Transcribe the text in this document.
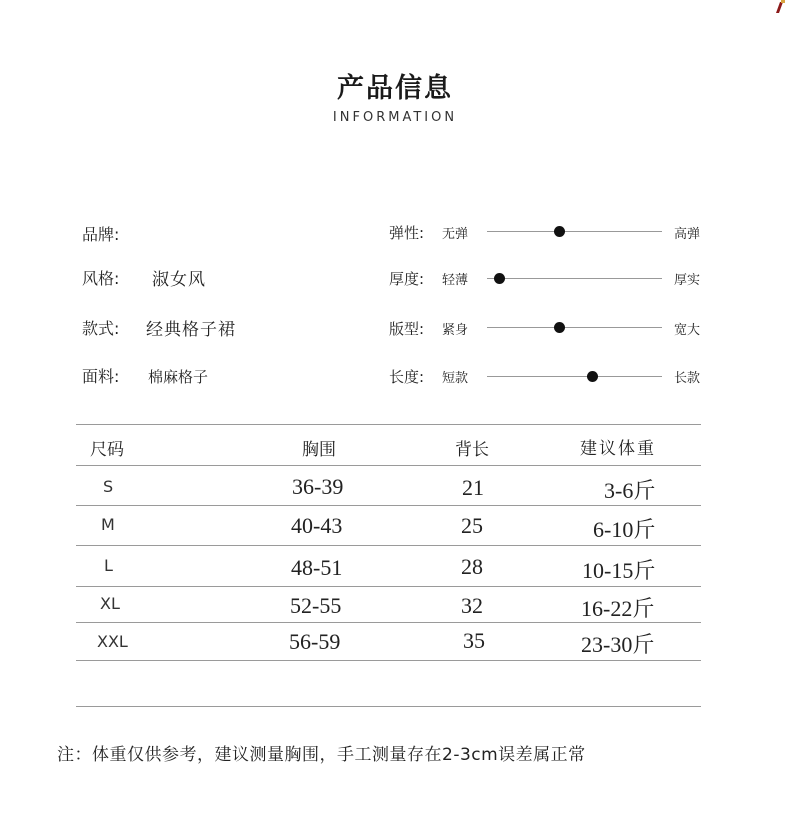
产品信息
INFORMATION
品牌:
风格: 淑女风
款式: 经典格子裙
面料: 棉麻格子
弹性: 无弹	高弹
厚度: 轻薄	厚实
版型: 紧身	宽大
长度: 短款	长款
尺码	胸围	背长	建议体重
S	36-39	21	3-6斤
M	40-43	25	6-10斤
L	48-51	28	10-15斤
XL	52-55	32	16-22斤
XXL	56-59	35	23-30斤
注：体重仅供参考，建议测量胸围，手工测量存在2-3cm误差属正常
